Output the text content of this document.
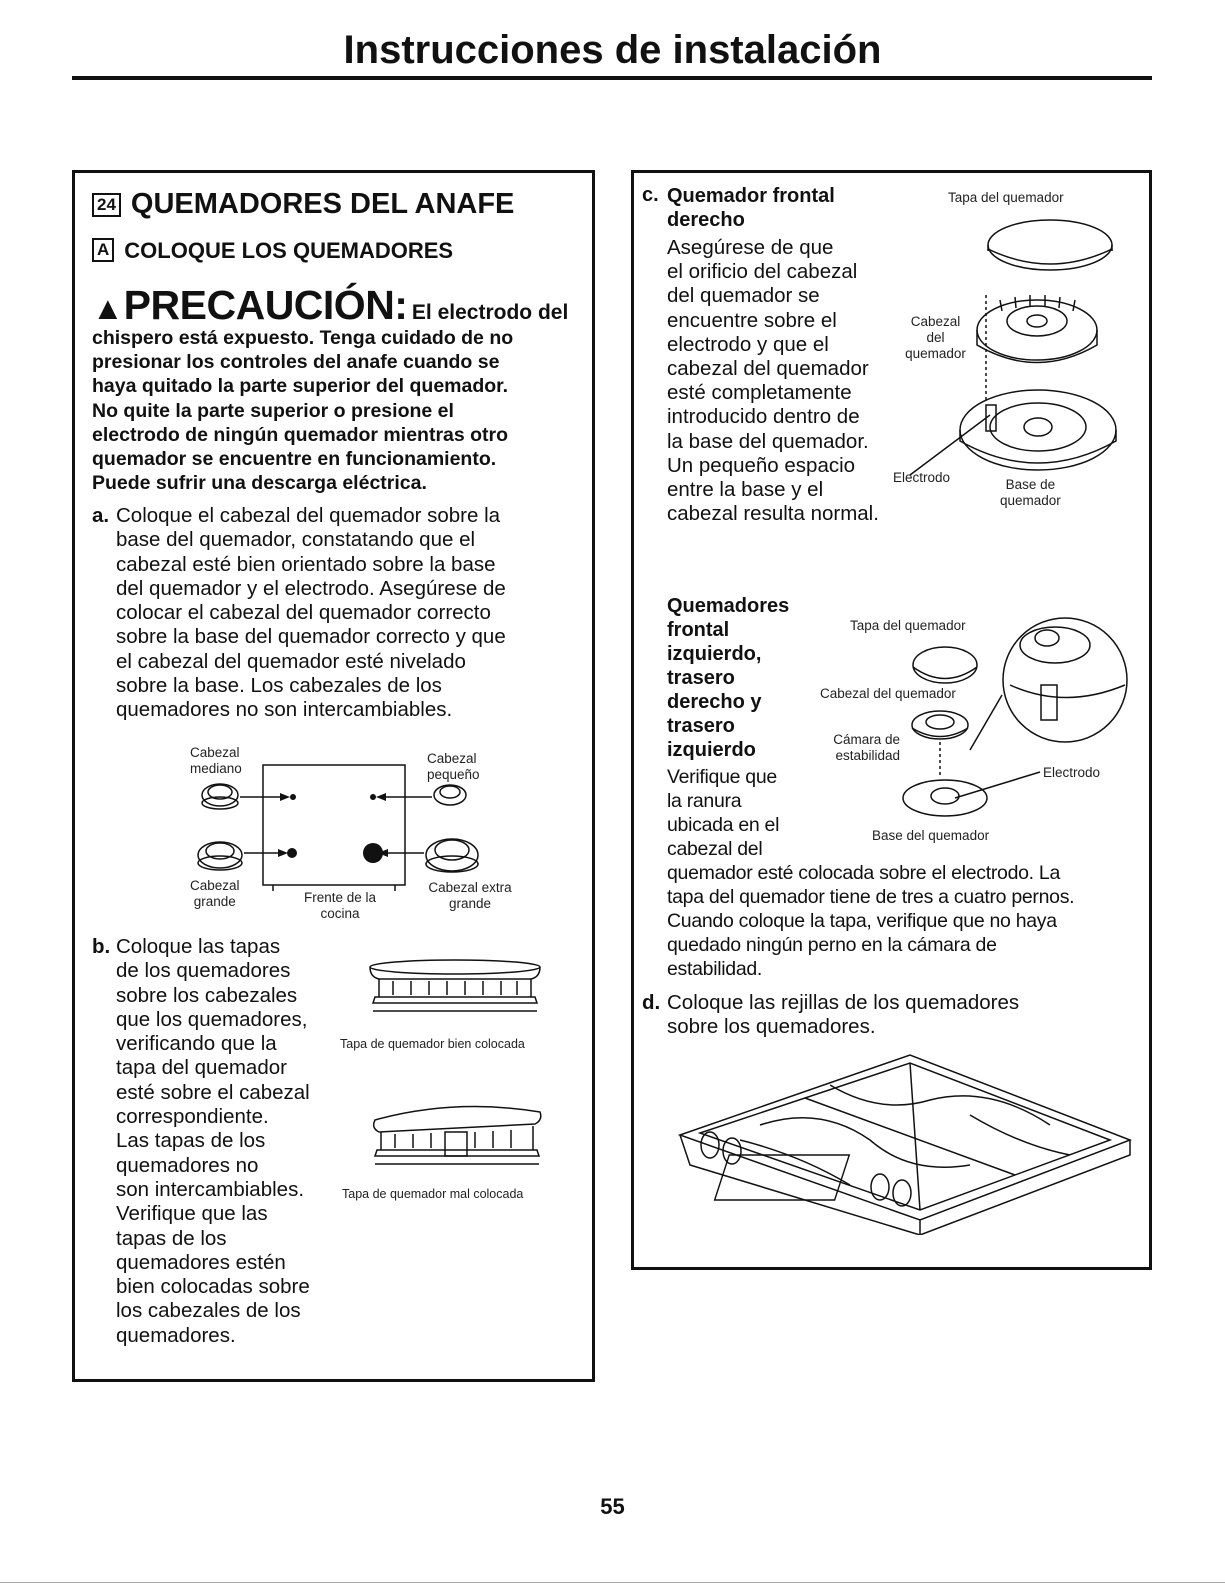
Instrucciones de instalación
24 QUEMADORES DEL ANAFE
A COLOQUE LOS QUEMADORES
▲PRECAUCIÓN: El electrodo del
chispero está expuesto. Tenga cuidado de no
presionar los controles del anafe cuando se
haya quitado la parte superior del quemador.
No quite la parte superior o presione el
electrodo de ningún quemador mientras otro
quemador se encuentre en funcionamiento.
Puede sufrir una descarga eléctrica.
a. Coloque el cabezal del quemador sobre la
base del quemador, constatando que el
cabezal esté bien orientado sobre la base
del quemador y el electrodo. Asegúrese de
colocar el cabezal del quemador correcto
sobre la base del quemador correcto y que
el cabezal del quemador esté nivelado
sobre la base. Los cabezales de los
quemadores no son intercambiables.
Cabezal
mediano
Cabezal
pequeño
Cabezal
grande	Frente de la
cocina
Cabezal extra
grande
b. Coloque las tapas
de los quemadores
sobre los cabezales
que los quemadores,
verificando que la
tapa del quemador
esté sobre el cabezal
correspondiente.
Las tapas de los
quemadores no
son intercambiables.
Verifique que las
tapas de los
quemadores estén
bien colocadas sobre
los cabezales de los
quemadores.
Tapa de quemador bien colocada
Tapa de quemador mal colocada
c. Quemador frontal
derecho
Asegúrese de que
el orificio del cabezal
del quemador se
encuentre sobre el
electrodo y que el
cabezal del quemador
esté completamente
introducido dentro de
la base del quemador.
Un pequeño espacio
entre la base y el
cabezal resulta normal.
Tapa del quemador
Cabezal
del
quemador
Electrodo	Base de
quemador
Quemadores
frontal
izquierdo,
trasero
derecho y
trasero
izquierdo
Verifique que
la ranura
ubicada en el
cabezal del
quemador esté colocada sobre el electrodo. La
tapa del quemador tiene de tres a cuatro pernos.
Cuando coloque la tapa, verifique que no haya
quedado ningún perno en la cámara de
estabilidad.
Tapa del quemador
Cabezal del quemador
Cámara de
estabilidad
Electrodo
Base del quemador
d. Coloque las rejillas de los quemadores
sobre los quemadores.
55
